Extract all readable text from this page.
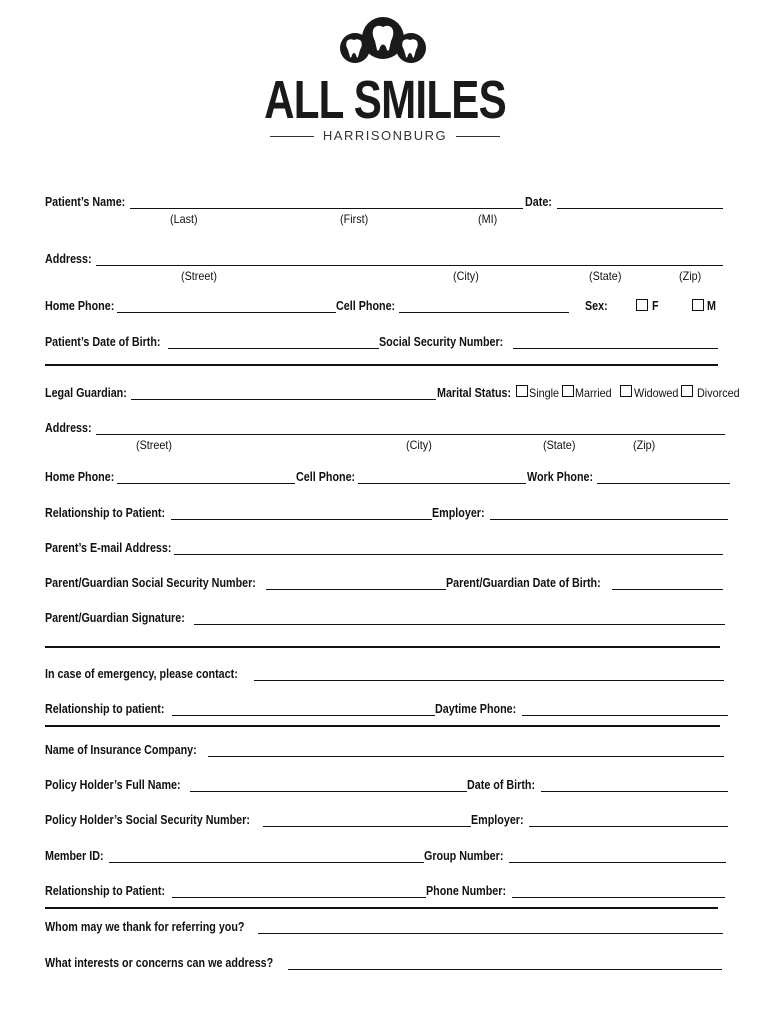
ALL SMILES
HARRISONBURG
Patient’s Name:	Date:
(Last)	(First)	(MI)
Address:
(Street)	(City)	(State)	(Zip)
Home Phone:	Cell Phone:	Sex:	F	M
Patient’s Date of Birth:	Social Security Number:
Legal Guardian:	Marital Status: Single Married Widowed Divorced
Address:
(Street)	(City)	(State)	(Zip)
Home Phone:	Cell Phone:	Work Phone:
Relationship to Patient:	Employer:
Parent’s E-mail Address:
Parent/Guardian Social Security Number:	Parent/Guardian Date of Birth:
Parent/Guardian Signature:
In case of emergency, please contact:
Relationship to patient:	Daytime Phone:
Name of Insurance Company:
Policy Holder’s Full Name:	Date of Birth:
Policy Holder’s Social Security Number:	Employer:
Member ID:	Group Number:
Relationship to Patient:	Phone Number:
Whom may we thank for referring you?
What interests or concerns can we address?
